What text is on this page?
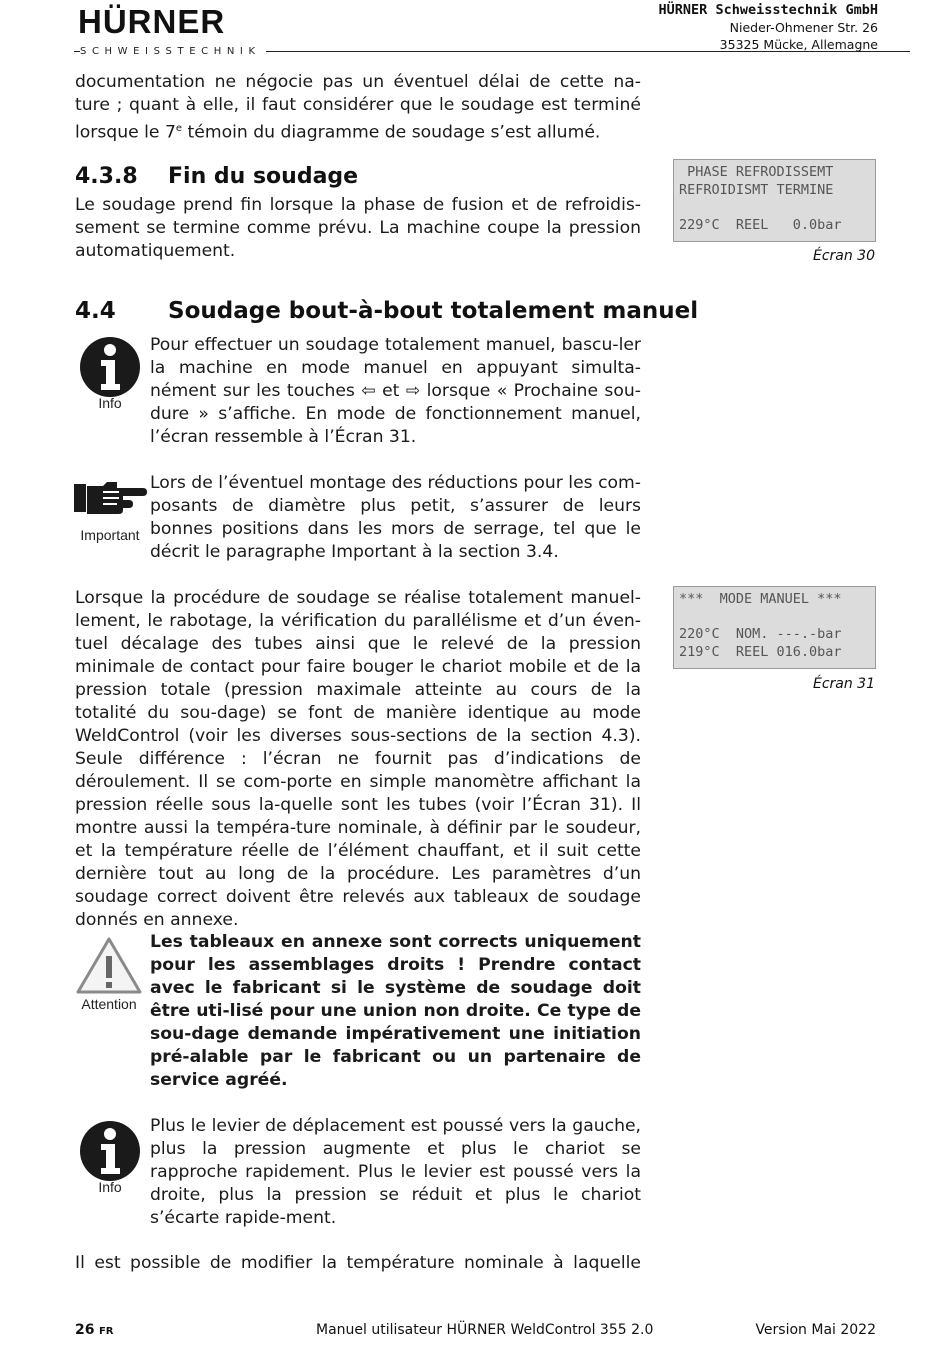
HÜRNER
SCHWEISSTECHNIK
HÜRNER Schweisstechnik GmbH
Nieder-Ohmener Str. 26
35325 Mücke, Allemagne
documentation ne négocie pas un éventuel délai de cette na-
ture ; quant à elle, il faut considérer que le soudage est terminé
lorsque le 7e témoin du diagramme de soudage s’est allumé.
4.3.8 Fin du soudage
Le soudage prend fin lorsque la phase de fusion et de refroidis-sement se termine comme prévu. La machine coupe la pression automatiquement.
PHASE REFRODISSEMT
REFROIDISMT TERMINE
229°C  REEL   0.0bar
Écran 30
4.4 Soudage bout-à-bout totalement manuel
Info
Pour effectuer un soudage totalement manuel, bascu-ler la machine en mode manuel en appuyant simulta-nément sur les touches ⇦ et ⇨ lorsque « Prochaine sou-dure » s’affiche. En mode de fonctionnement manuel, l’écran ressemble à l’Écran 31.
Important
Lors de l’éventuel montage des réductions pour les com-posants de diamètre plus petit, s’assurer de leurs bonnes positions dans les mors de serrage, tel que le décrit le paragraphe Important à la section 3.4.
Lorsque la procédure de soudage se réalise totalement manuel-lement, le rabotage, la vérification du parallélisme et d’un éven-tuel décalage des tubes ainsi que le relevé de la pression minimale de contact pour faire bouger le chariot mobile et de la pression totale (pression maximale atteinte au cours de la totalité du sou-dage) se font de manière identique au mode WeldControl (voir les diverses sous-sections de la section 4.3). Seule différence : l’écran ne fournit pas d’indications de déroulement. Il se com-porte en simple manomètre affichant la pression réelle sous la-quelle sont les tubes (voir l’Écran 31). Il montre aussi la tempéra-ture nominale, à définir par le soudeur, et la température réelle de l’élément chauffant, et il suit cette dernière tout au long de la procédure. Les paramètres d’un soudage correct doivent être relevés aux tableaux de soudage donnés en annexe.
***  MODE MANUEL ***
220°C  NOM. ---.-bar
219°C  REEL 016.0bar
Écran 31
Attention
Les tableaux en annexe sont corrects uniquement pour les assemblages droits ! Prendre contact avec le fabricant si le système de soudage doit être uti-lisé pour une union non droite. Ce type de sou-dage demande impérativement une initiation pré-alable par le fabricant ou un partenaire de service agréé.
Info
Plus le levier de déplacement est poussé vers la gauche, plus la pression augmente et plus le chariot se rapproche rapidement. Plus le levier est poussé vers la droite, plus la pression se réduit et plus le chariot s’écarte rapide-ment.
Il est possible de modifier la température nominale à laquelle
26 FR	Manuel utilisateur HÜRNER WeldControl 355 2.0	Version Mai 2022
